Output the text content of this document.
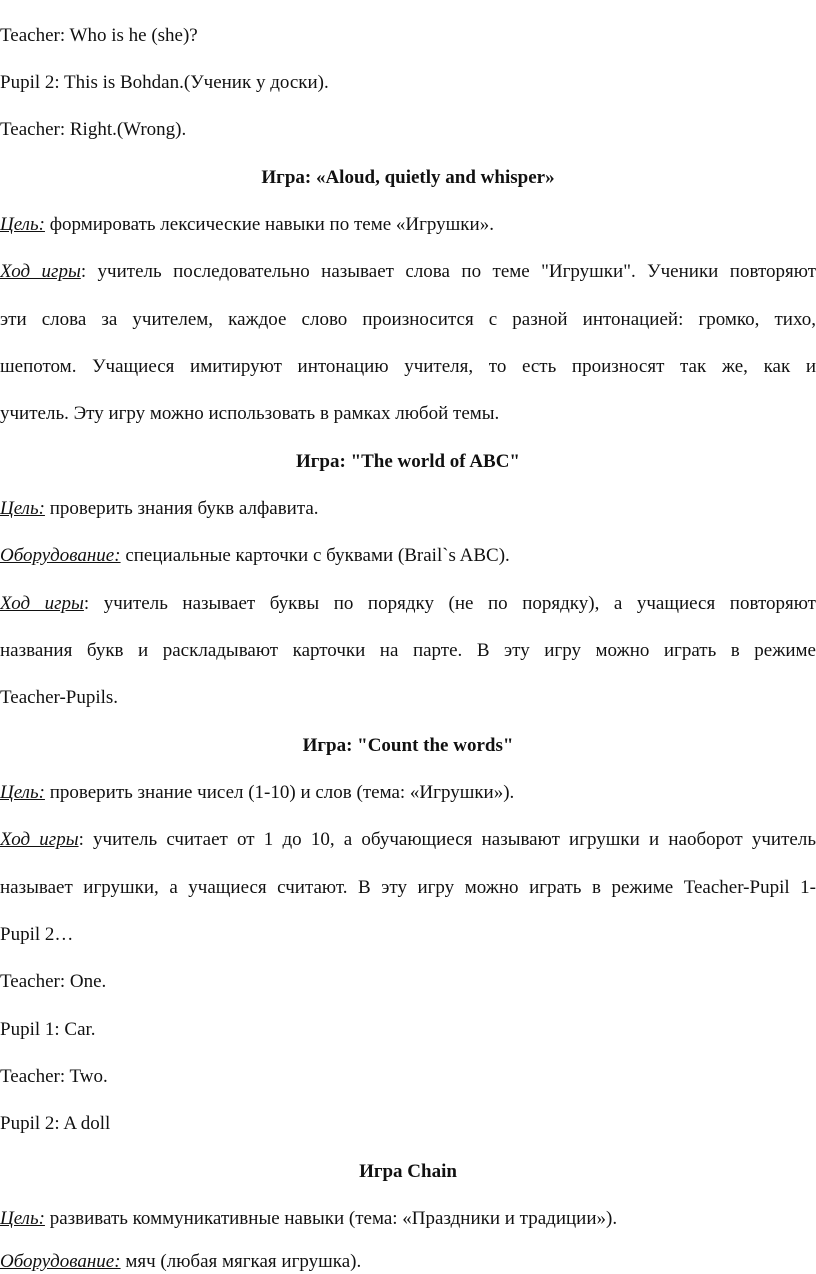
Teacher: Who is he (she)?
Pupil 2: This is Bohdan.(Ученик у доски).
Teacher: Right.(Wrong).
Игра: «Aloud, quietly and whisper»
Цель: формировать лексические навыки по теме «Игрушки».
Ход игры: учитель последовательно называет слова по теме "Игрушки". Ученики повторяют
эти слова за учителем, каждое слово произносится с разной интонацией: громко, тихо,
шепотом. Учащиеся имитируют интонацию учителя, то есть произносят так же, как и
учитель. Эту игру можно использовать в рамках любой темы.
Игра: "The world of ABC"
Цель: проверить знания букв алфавита.
Оборудование: специальные карточки с буквами (Brail`s ABC).
Ход игры: учитель называет буквы по порядку (не по порядку), а учащиеся повторяют
названия букв и раскладывают карточки на парте. В эту игру можно играть в режиме
Teacher-Pupils.
Игра: "Count the words"
Цель: проверить знание чисел (1-10) и слов (тема: «Игрушки»).
Ход игры: учитель считает от 1 до 10, а обучающиеся называют игрушки и наоборот учитель
называет игрушки, а учащиеся считают. В эту игру можно играть в режиме Teacher-Pupil 1-
Pupil 2…
Teacher: One.
Pupil 1: Car.
Teacher: Two.
Pupil 2: A doll
Игра Chain
Цель: развивать коммуникативные навыки (тема: «Праздники и традиции»).
Оборудование: мяч (любая мягкая игрушка).
